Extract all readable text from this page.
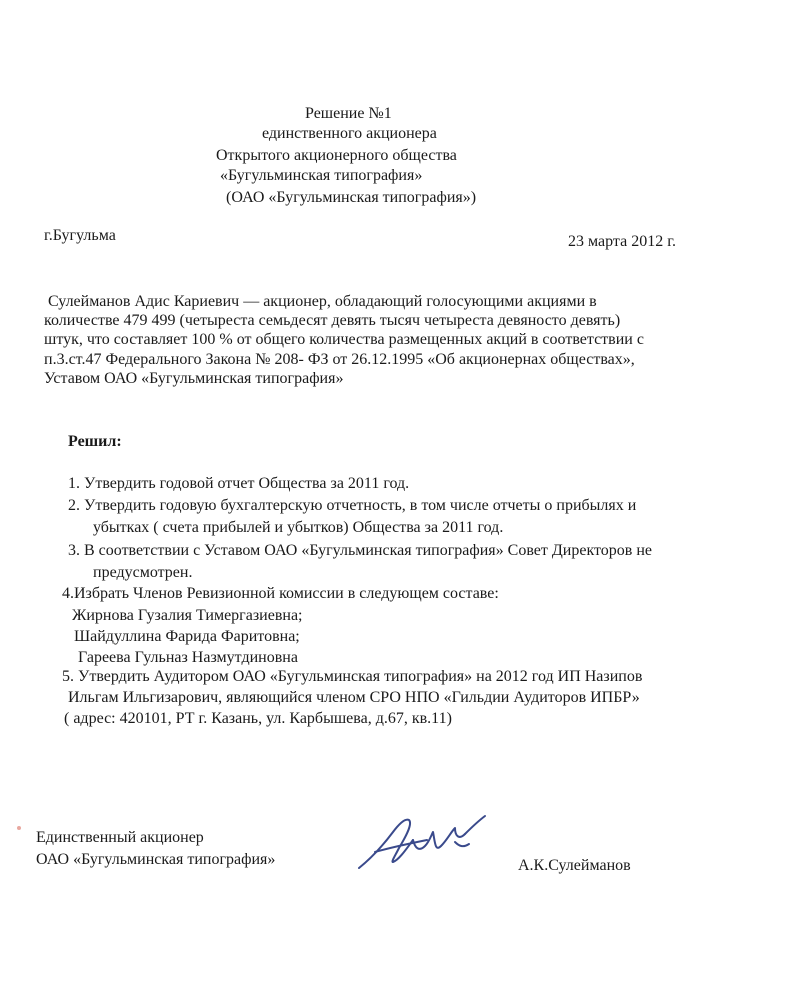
Решение №1
единственного акционера
Открытого акционерного общества
«Бугульминская типография»
(ОАО «Бугульминская типография»)
г.Бугульма	23 марта 2012 г.
Сулейманов Адис Кариевич — акционер, обладающий голосующими акциями в
количестве 479 499 (четыреста семьдесят девять тысяч четыреста девяносто девять)
штук, что составляет 100 % от общего количества размещенных акций в соответствии с
п.3.ст.47 Федерального Закона № 208- ФЗ от 26.12.1995 «Об акционернах обществах»,
Уставом ОАО «Бугульминская типография»
Решил:
1. Утвердить годовой отчет Общества за 2011 год.
2. Утвердить годовую бухгалтерскую отчетность, в том числе отчеты о прибылях и
убытках ( счета прибылей и убытков) Общества за 2011 год.
3. В соответствии с Уставом ОАО «Бугульминская типография» Совет Директоров не
предусмотрен.
4.Избрать Членов Ревизионной комиссии в следующем составе:
Жирнова Гузалия Тимергазиевна;
Шайдуллина Фарида Фаритовна;
Гареева Гульназ Назмутдиновна
5. Утвердить Аудитором ОАО «Бугульминская типография» на 2012 год ИП Назипов
Ильгам Ильгизарович, являющийся членом СРО НПО «Гильдии Аудиторов ИПБР»
( адрес: 420101, РТ г. Казань, ул. Карбышева, д.67, кв.11)
Единственный акционер
ОАО «Бугульминская типография»	А.К.Сулейманов
